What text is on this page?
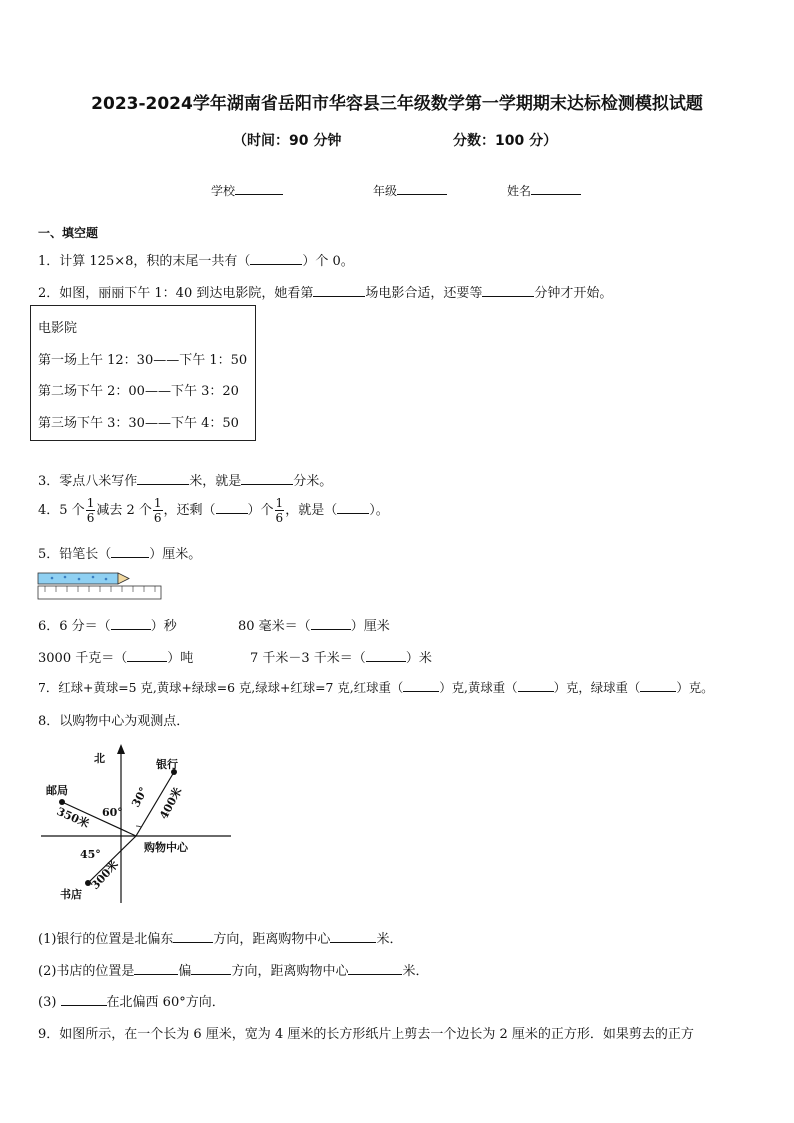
2023-2024学年湖南省岳阳市华容县三年级数学第一学期期末达标检测模拟试题
（时间：90 分钟	分数：100 分）
学校	年级	姓名
一、填空题
1．计算 125×8，积的末尾一共有（	）个 0。
2．如图，丽丽下午 1：40 到达电影院，她看第	场电影合适，还要等	分钟才开始。
电影院
第一场上午 12：30——下午 1：50
第二场下午 2：00——下午 3：20
第三场下午 3：30——下午 4：50
3．零点八米写作	米，就是	分米。
4．5 个 $\frac{1}{6}$ 减去 2 个 $\frac{1}{6}$ ，还剩（ ）个 $\frac{1}{6}$ ，就是（ ）。
5．铅笔长（	）厘米。
6．6 分＝（	）秒	80 毫米＝（	）厘米
3000 千克＝（	）吨	7 千米－3 千米＝（	）米
7．红球+黄球=5 克,黄球+绿球=6 克,绿球+红球=7 克,红球重（	）克,黄球重（	）克，绿球重（	）克。
8．以购物中心为观测点．
北	银行
邮局
购物中心
书店
60°
30°
45°
400米
350米
300米
(1)银行的位置是北偏东	方向，距离购物中心	米．
(2)书店的位置是	偏	方向，距离购物中心	米．
(3)	在北偏西 60°方向．
9．如图所示，在一个长为 6 厘米，宽为 4 厘米的长方形纸片上剪去一个边长为 2 厘米的正方形．如果剪去的正方
